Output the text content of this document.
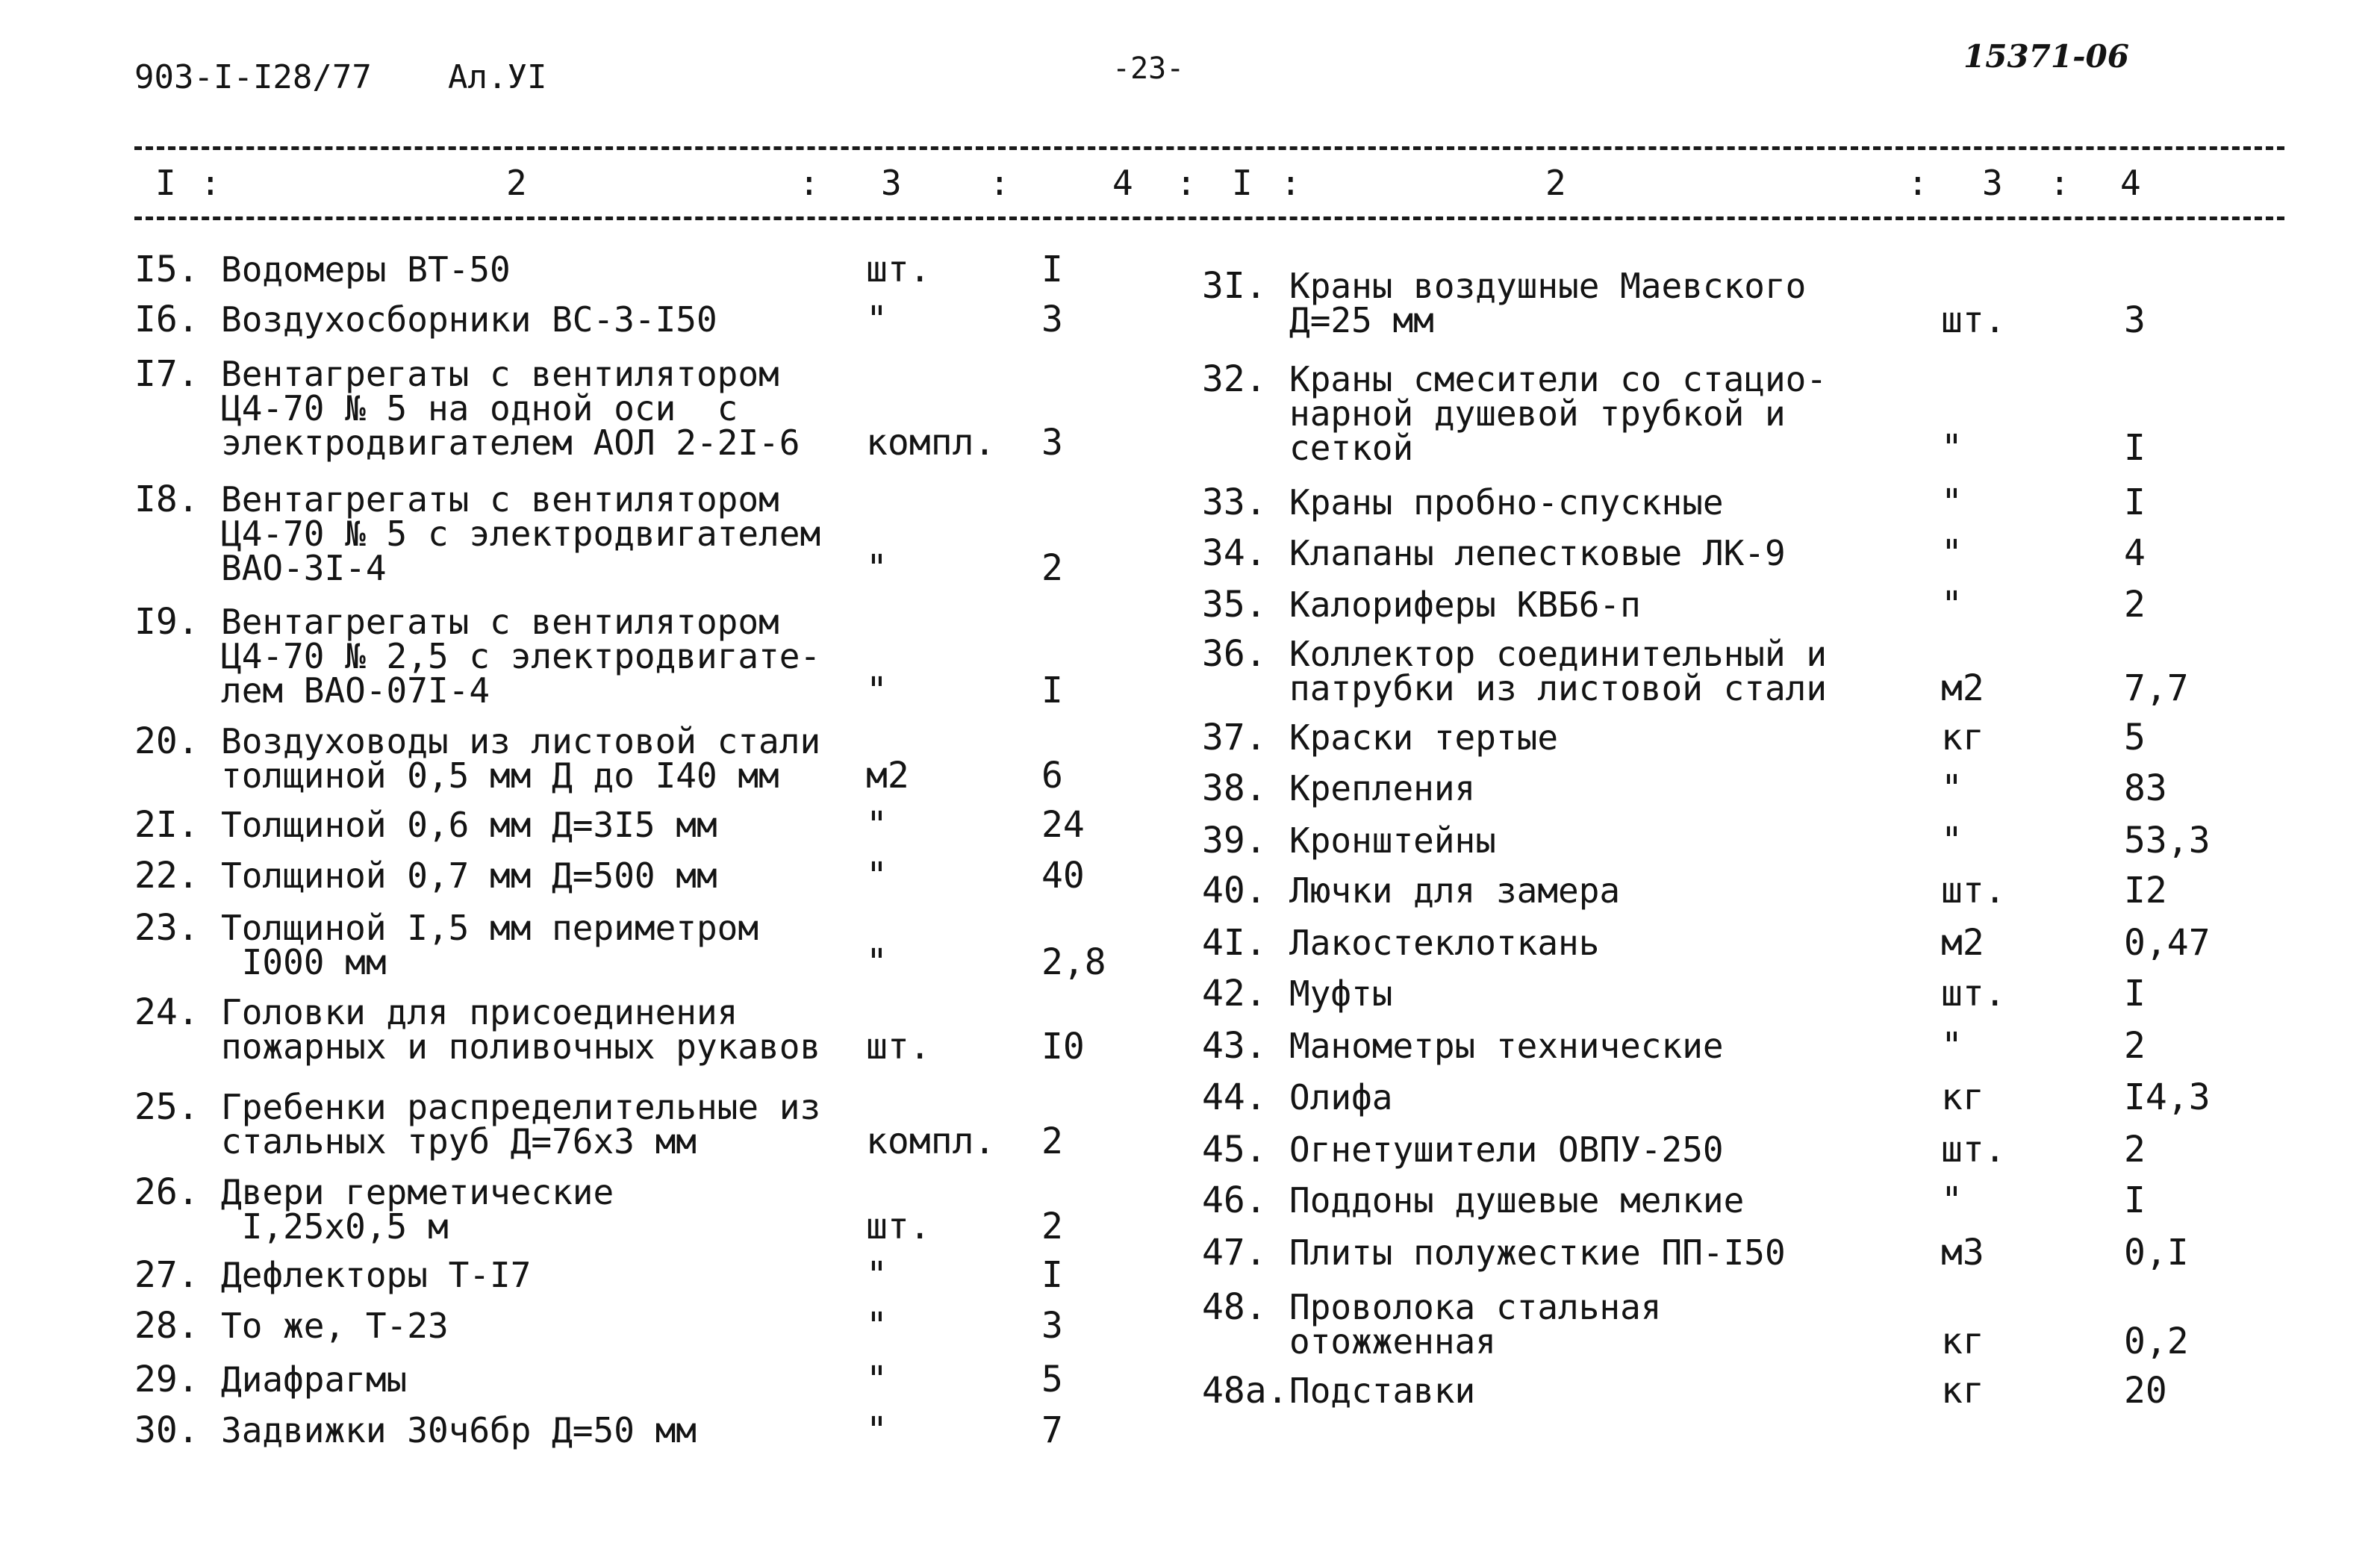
903-I-I28/77 Ал.УI	-23-	15371-06
I :	2	: 3	:	4 : I :	2	: 3 : 4
I5. Водомеры ВТ-50	шт.	I
I6. Воздухосборники ВС-3-I50	"	3
I7. Вентагрегаты с вентилятором
Ц4-70 № 5 на одной оси  с
электродвигателем АОЛ 2-2I-6 компл. 3
I8. Вентагрегаты с вентилятором
Ц4-70 № 5 с электродвигателем
ВАО-3I-4	"	2
I9. Вентагрегаты с вентилятором
Ц4-70 № 2,5 с электродвигате-
лем ВАО-07I-4	"	I
20. Воздуховоды из листовой стали
толщиной 0,5 мм Д до I40 мм м2	6
2I. Толщиной 0,6 мм Д=3I5 мм	"	24
22. Толщиной 0,7 мм Д=500 мм	"	40
23. Толщиной I,5 мм периметром
I000 мм	"	2,8
24. Головки для присоединения
пожарных и поливочных рукавов шт.	I0
25. Гребенки распределительные из
стальных труб Д=76х3 мм	компл. 2
26. Двери герметические
I,25х0,5 м	шт.	2
27. Дефлекторы Т-I7	"	I
28. То же, Т-23	"	3
29. Диафрагмы	"	5
30. Задвижки 30ч6бр Д=50 мм	"	7
3I. Краны воздушные Маевского
Д=25 мм	шт.	3
32. Краны смесители со стацио-
нарной душевой трубкой и
сеткой	"	I
33. Краны пробно-спускные	"	I
34. Клапаны лепестковые ЛК-9	"	4
35. Калориферы КВБ6-п	"	2
36. Коллектор соединительный и
патрубки из листовой стали	м2	7,7
37. Краски тертые	кг	5
38. Крепления	"	83
39. Кронштейны	"	53,3
40. Лючки для замера	шт.	I2
4I. Лакостеклоткань	м2	0,47
42. Муфты	шт.	I
43. Манометры технические	"	2
44. Олифа	кг	I4,3
45. Огнетушители ОВПУ-250	шт.	2
46. Поддоны душевые мелкие	"	I
47. Плиты полужесткие ПП-I50	м3	0,I
48. Проволока стальная
отожженная	кг	0,2
48а. Подставки	кг	20
